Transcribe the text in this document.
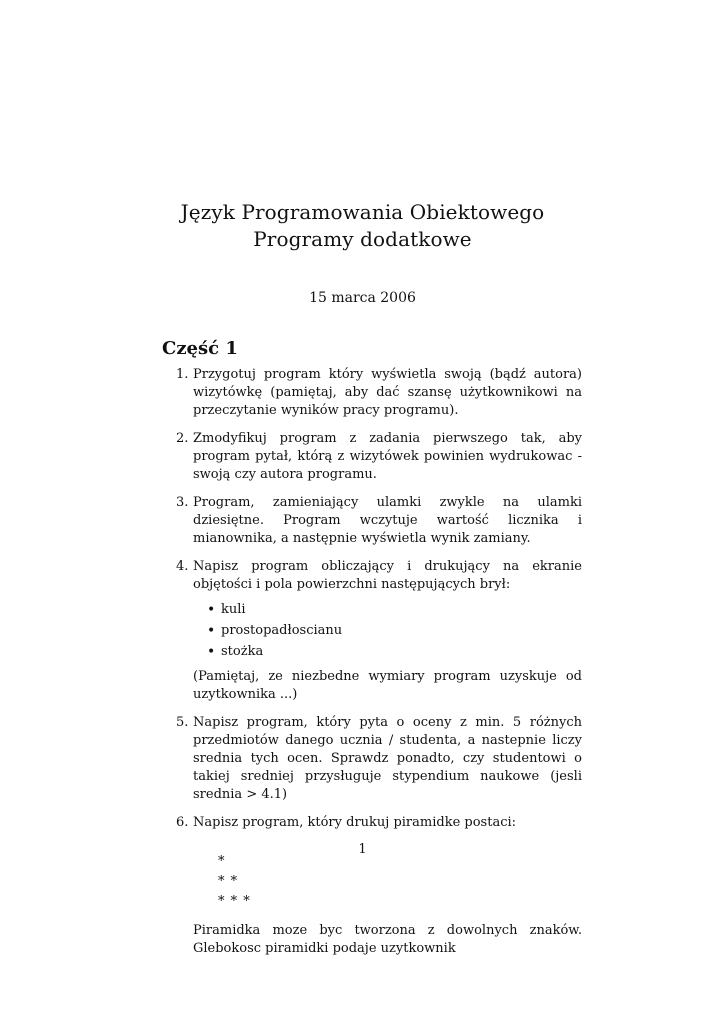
Język Programowania Obiektowego
Programy dodatkowe
15 marca 2006
Część 1
1. Przygotuj program który wyświetla swoją (bądź autora) wizytówkę (pamiętaj, aby dać szansę użytkownikowi na przeczytanie wyników pracy programu).
2. Zmodyfikuj program z zadania pierwszego tak, aby program pytał, którą z wizytówek powinien wydrukowac - swoją czy autora programu.
3. Program, zamieniający ulamki zwykle na ulamki dziesiętne. Program wczytuje wartość licznika i mianownika, a następnie wyświetla wynik zamiany.
4. Napisz program obliczający i drukujący na ekranie objętości i pola powierzchni następujących brył:
• kuli
• prostopadłoscianu
• stożka
(Pamiętaj, ze niezbedne wymiary program uzyskuje od uzytkownika ...)
5. Napisz program, który pyta o oceny z min. 5 różnych przedmiotów danego ucznia / studenta, a nastepnie liczy srednia tych ocen. Sprawdz ponadto, czy studentowi o takiej sredniej przysługuje stypendium naukowe (jesli srednia > 4.1)
6. Napisz program, który drukuj piramidke postaci:
*
* *
* * *
Piramidka moze byc tworzona z dowolnych znaków. Glebokosc piramidki podaje uzytkownik
1
